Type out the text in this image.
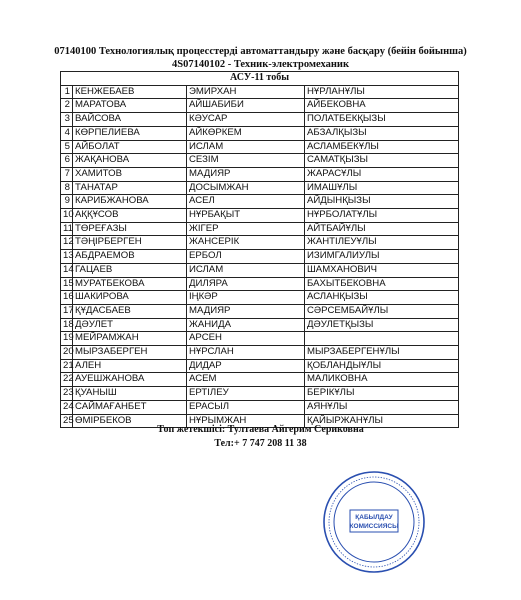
07140100 Технологиялық процесстерді автоматтандыру және басқару (бейін бойынша)
4S07140102 - Техник-электромеханик
АСУ-11 тобы			
1	КЕНЖЕБАЕВ	ЭМИРХАН	НҰРЛАНҰЛЫ
2	МАРАТОВА	АЙШАБИБИ	АЙБЕКОВНА
3	ВАЙСОВА	КӘУСАР	ПОЛАТБЕКҚЫЗЫ
4	КӨРПЕЛИЕВА	АЙКӨРКЕМ	АБЗАЛҚЫЗЫ
5	АЙБОЛАТ	ИСЛАМ	АСЛАМБЕКҰЛЫ
6	ЖАҚАНОВА	СЕЗІМ	САМАТҚЫЗЫ
7	ХАМИТОВ	МАДИЯР	ЖАРАСҰЛЫ
8	ТАНАТАР	ДОСЫМЖАН	ИМАШҰЛЫ
9	КАРИБЖАНОВА	АСЕЛ	АЙДЫНҚЫЗЫ
10	АҚҚҰСОВ	НҰРБАҚЫТ	НҰРБОЛАТҰЛЫ
11	ТӨРЕҒАЗЫ	ЖІГЕР	АЙТБАЙҰЛЫ
12	ТӘҢІРБЕРГЕН	ЖАНСЕРІК	ЖАНТІЛЕУҰЛЫ
13	АБДРАЕМОВ	ЕРБОЛ	ИЗИМГАЛИУЛЫ
14	ГАЦАЕВ	ИСЛАМ	ШАМХАНОВИЧ
15	МУРАТБЕКОВА	ДИЛЯРА	БАХЫТБЕКОВНА
16	ШАКИРОВА	ІҢКӘР	АСЛАНҚЫЗЫ
17	ҚҰДАСБАЕВ	МАДИЯР	СӘРСЕМБАЙҰЛЫ
18	ДӘУЛЕТ	ЖАНИДА	ДӘУЛЕТҚЫЗЫ
19	МЕЙРАМЖАН	АРСЕН	
20	МЫРЗАБЕРГЕН	НҰРСЛАН	МЫРЗАБЕРГЕНҰЛЫ
21	АЛЕН	ДИДАР	ҚОБЛАНДЫҰЛЫ
22	АУЕШЖАНОВА	АСЕМ	МАЛИКОВНА
23	ҚУАНЫШ	ЕРТІЛЕУ	БЕРІКҰЛЫ
24	САЙМАҒАНБЕТ	ЕРАСЫЛ	АЯНҰЛЫ
25	ӨМІРБЕКОВ	НҰРЫМЖАН	ҚАЙЫРЖАНҰЛЫ
Топ жетекшісі: Тултаева Айгерим Сериковна
Тел:+ 7 747 208 11 38
ҚАБЫЛДАУ
КОМИССИЯСЫ
